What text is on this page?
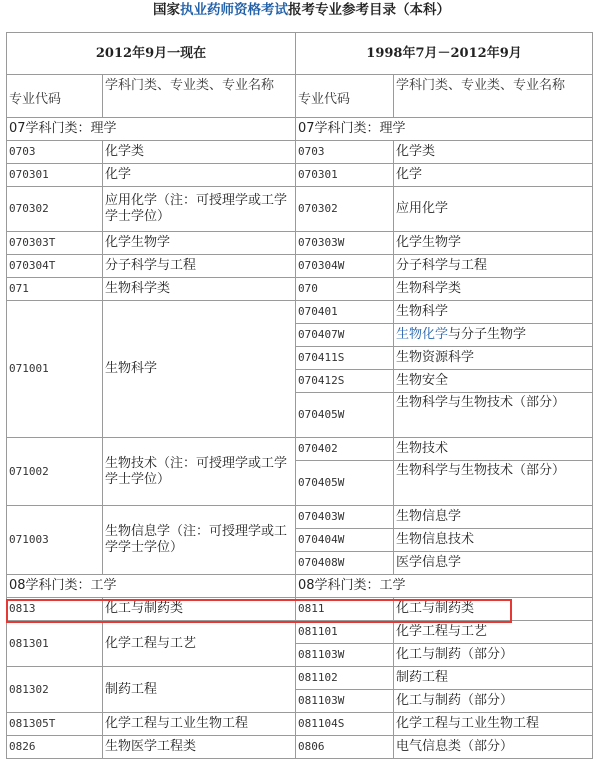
国家执业药师资格考试报考专业参考目录（本科）
2012年9月一现在		1998年7月－2012年9月	

专业代码	学科门类、专业类、专业名称	专业代码	学科门类、专业类、专业名称
07学科门类：理学		07学科门类：理学	
0703	化学类	0703	化学类
070301	化学	070301	化学
070302	应用化学（注：可授理学或工学学士学位）	070302	应用化学
070303T	化学生物学	070303W	化学生物学
070304T	分子科学与工程	070304W	分子科学与工程
071	生物科学类	070	生物科学类
071001	生物科学	070401	生物科学
		070407W	生物化学与分子生物学
		070411S	生物资源科学
		070412S	生物安全
		070405W	生物科学与生物技术（部分）
071002	生物技术（注：可授理学或工学学士学位）	070402	生物技术
		070405W	生物科学与生物技术（部分）
071003	生物信息学（注：可授理学或工学学士学位）	070403W	生物信息学
		070404W	生物信息技术
		070408W	医学信息学
08学科门类：工学		08学科门类：工学	
0813	化工与制药类	0811	化工与制药类
081301	化学工程与工艺	081101	化学工程与工艺
		081103W	化工与制药（部分）
081302	制药工程	081102	制药工程
		081103W	化工与制药（部分）
081305T	化学工程与工业生物工程	081104S	化学工程与工业生物工程
0826	生物医学工程类	0806	电气信息类（部分）
